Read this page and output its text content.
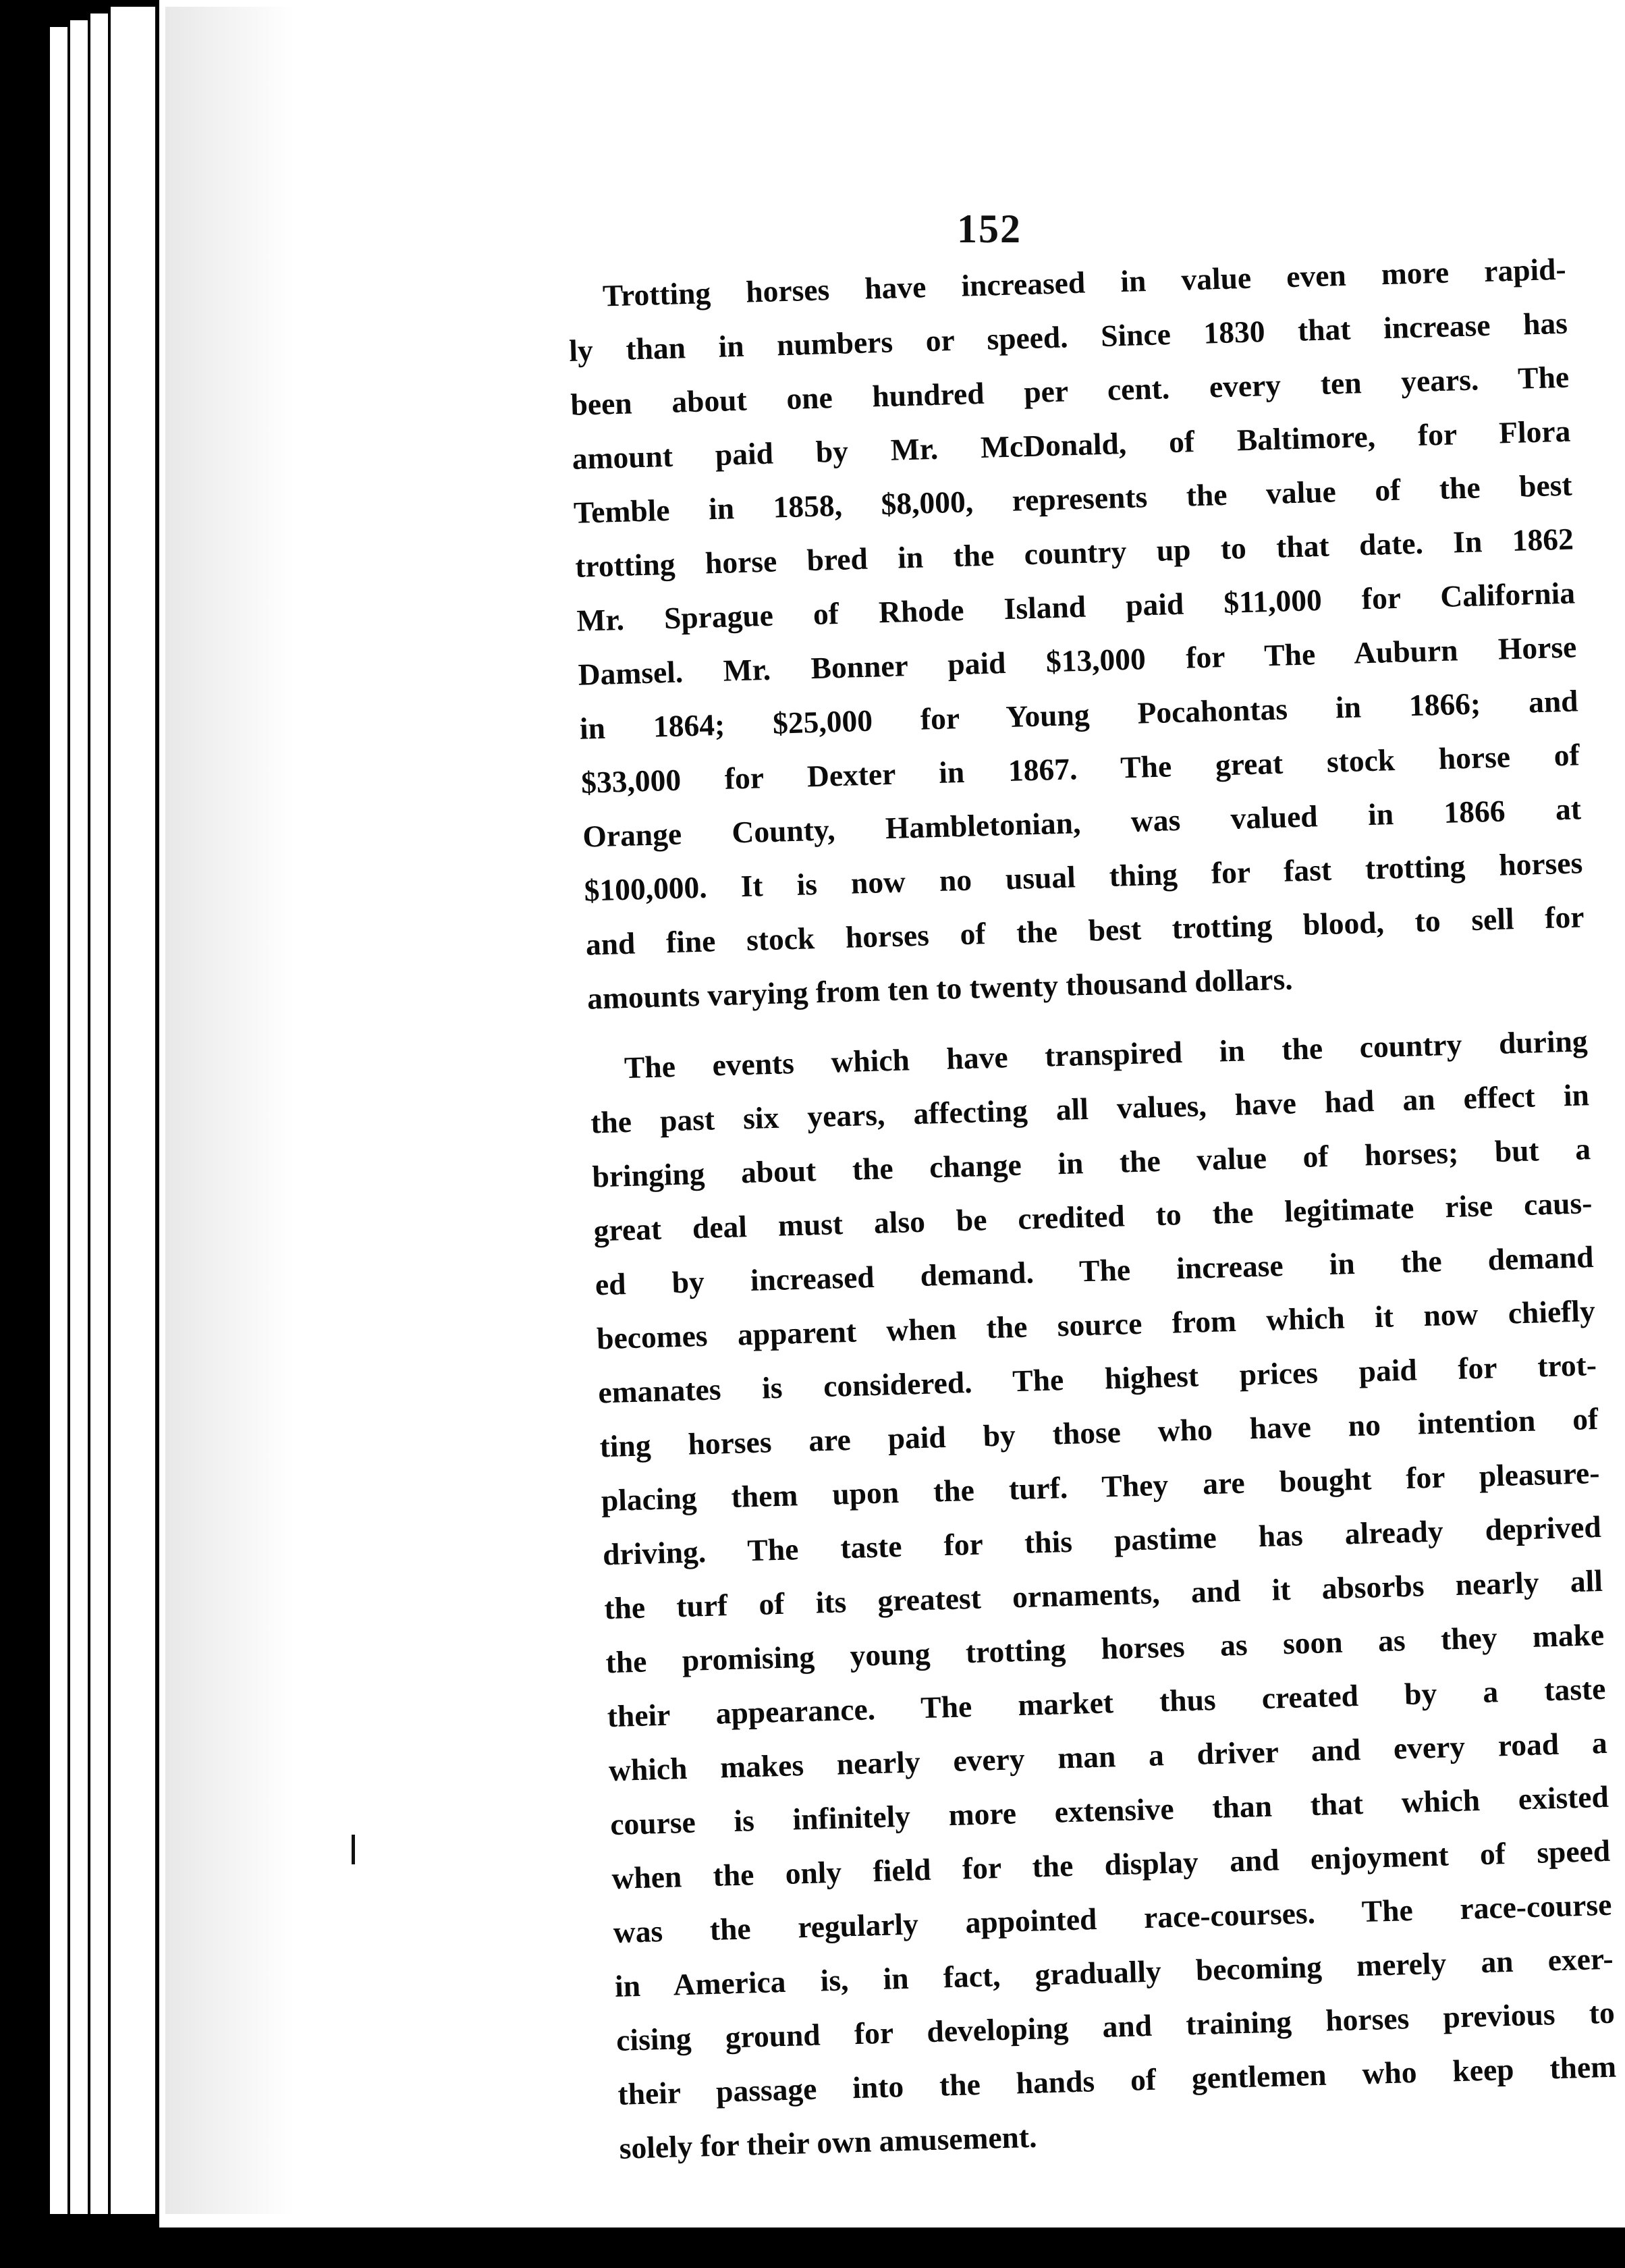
152
Trotting horses have increased in value even more rapid-
ly than in numbers or speed. Since 1830 that increase has
been about one hundred per cent. every ten years. The
amount paid by Mr. McDonald, of Baltimore, for Flora
Temble in 1858, $8,000, represents the value of the best
trotting horse bred in the country up to that date. In 1862
Mr. Sprague of Rhode Island paid $11,000 for California
Damsel. Mr. Bonner paid $13,000 for The Auburn Horse
in 1864; $25,000 for Young Pocahontas in 1866; and
$33,000 for Dexter in 1867. The great stock horse of
Orange County, Hambletonian, was valued in 1866 at
$100,000. It is now no usual thing for fast trotting horses
and fine stock horses of the best trotting blood, to sell for
amounts varying from ten to twenty thousand dollars.
The events which have transpired in the country during
the past six years, affecting all values, have had an effect in
bringing about the change in the value of horses; but a
great deal must also be credited to the legitimate rise caus-
ed by increased demand. The increase in the demand
becomes apparent when the source from which it now chiefly
emanates is considered. The highest prices paid for trot-
ting horses are paid by those who have no intention of
placing them upon the turf. They are bought for pleasure-
driving. The taste for this pastime has already deprived
the turf of its greatest ornaments, and it absorbs nearly all
the promising young trotting horses as soon as they make
their appearance. The market thus created by a taste
which makes nearly every man a driver and every road a
course is infinitely more extensive than that which existed
when the only field for the display and enjoyment of speed
was the regularly appointed race-courses. The race-course
in America is, in fact, gradually becoming merely an exer-
cising ground for developing and training horses previous to
their passage into the hands of gentlemen who keep them
solely for their own amusement.
